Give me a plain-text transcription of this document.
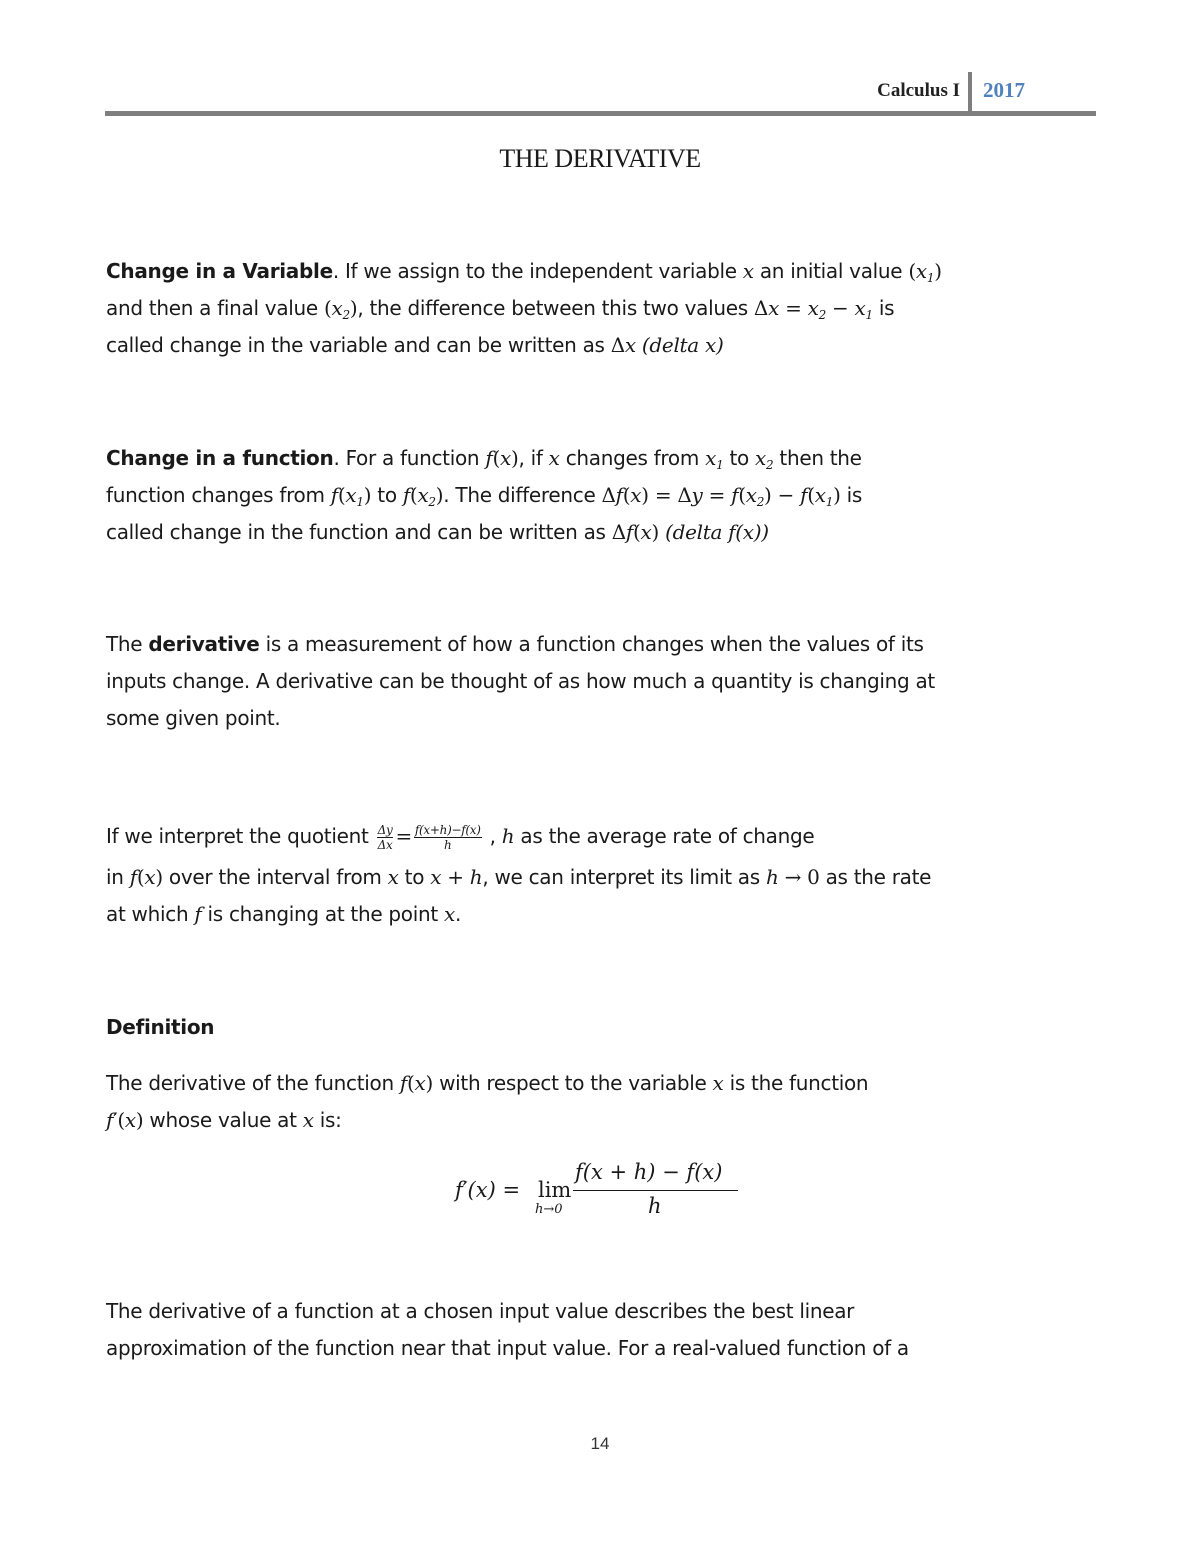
Calculus I 2017
THE DERIVATIVE
Change in a Variable. If we assign to the independent variable x an initial value $(x_1)$
and then a final value $(x_2)$, the difference between this two values $\Delta x = x_2 - x_1$ is
called change in the variable and can be written as Δx (delta x)
Change in a function. For a function f(x), if x changes from $x_1$ to $x_2$ then the
function changes from $f(x_1)$ to $f(x_2)$. The difference $\Delta f(x) = \Delta y = f(x_2) - f(x_1)$ is
called change in the function and can be written as Δf(x) (delta f(x))
The derivative is a measurement of how a function changes when the values of its
inputs change. A derivative can be thought of as how much a quantity is changing at
some given point.
If we interpret the quotient $\frac{\Delta y}{\Delta x} = \frac{f(x+h)-f(x)}{h}$ , h as the average rate of change
in f(x) over the interval from x to x + h, we can interpret its limit as h → 0 as the rate
at which f is changing at the point x.
Definition
The derivative of the function f(x) with respect to the variable x is the function
f′(x) whose value at x is:
f′(x) = lim
h→0
f(x + h) − f(x)
h
The derivative of a function at a chosen input value describes the best linear
approximation of the function near that input value. For a real-valued function of a
14
